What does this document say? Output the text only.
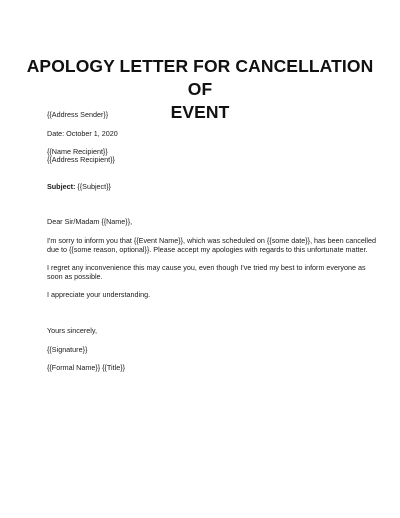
APOLOGY LETTER FOR CANCELLATION OF
EVENT
{{Address Sender}}
Date: October 1, 2020
{{Name Recipient}}
{{Address Recipient}}
Subject: {{Subject}}
Dear Sir/Madam {{Name}},
I'm sorry to inform you that {{Event Name}}, which was scheduled on {{some date}}, has been cancelled
due to {{some reason, optional}}. Please accept my apologies with regards to this unfortunate matter.
I regret any inconvenience this may cause you, even though I've tried my best to inform everyone as
soon as possible.
I appreciate your understanding.
Yours sincerely,
{{Signature}}
{{Formal Name}} {{Title}}
